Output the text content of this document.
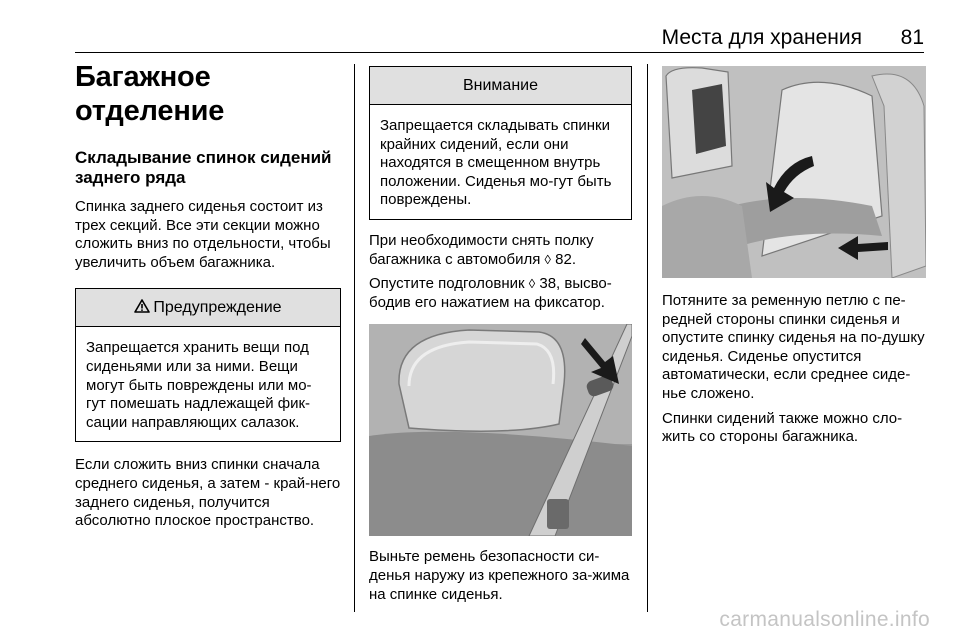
Места для хранения 81
Багажное отделение
Складывание спинок сидений заднего ряда

Спинка заднего сиденья состоит из трех секций. Все эти секции можно сложить вниз по отдельности, чтобы увеличить объем багажника.

Предупреждение

Запрещается хранить вещи под сиденьями или за ними. Вещи могут быть повреждены или мо-гут помешать надлежащей фик-сации направляющих салазок.

Если сложить вниз спинки сначала среднего сиденья, а затем - край-него заднего сиденья, получится абсолютно плоское пространство.

Внимание

Запрещается складывать спинки крайних сидений, если они находятся в смещенном внутрь положении. Сиденья мо-гут быть повреждены.

При необходимости снять полку багажника с автомобиля ◊ 82.

Опустите подголовник ◊ 38, высво-бодив его нажатием на фиксатор.

Выньте ремень безопасности си-денья наружу из крепежного за-жима на спинке сиденья.

Потяните за ременную петлю с пе-редней стороны спинки сиденья и опустите спинку сиденья на по-душку сиденья. Сиденье опустится автоматически, если среднее сиде-нье сложено.

Спинки сидений также можно сло-жить со стороны багажника.

carmanualsonline.info
